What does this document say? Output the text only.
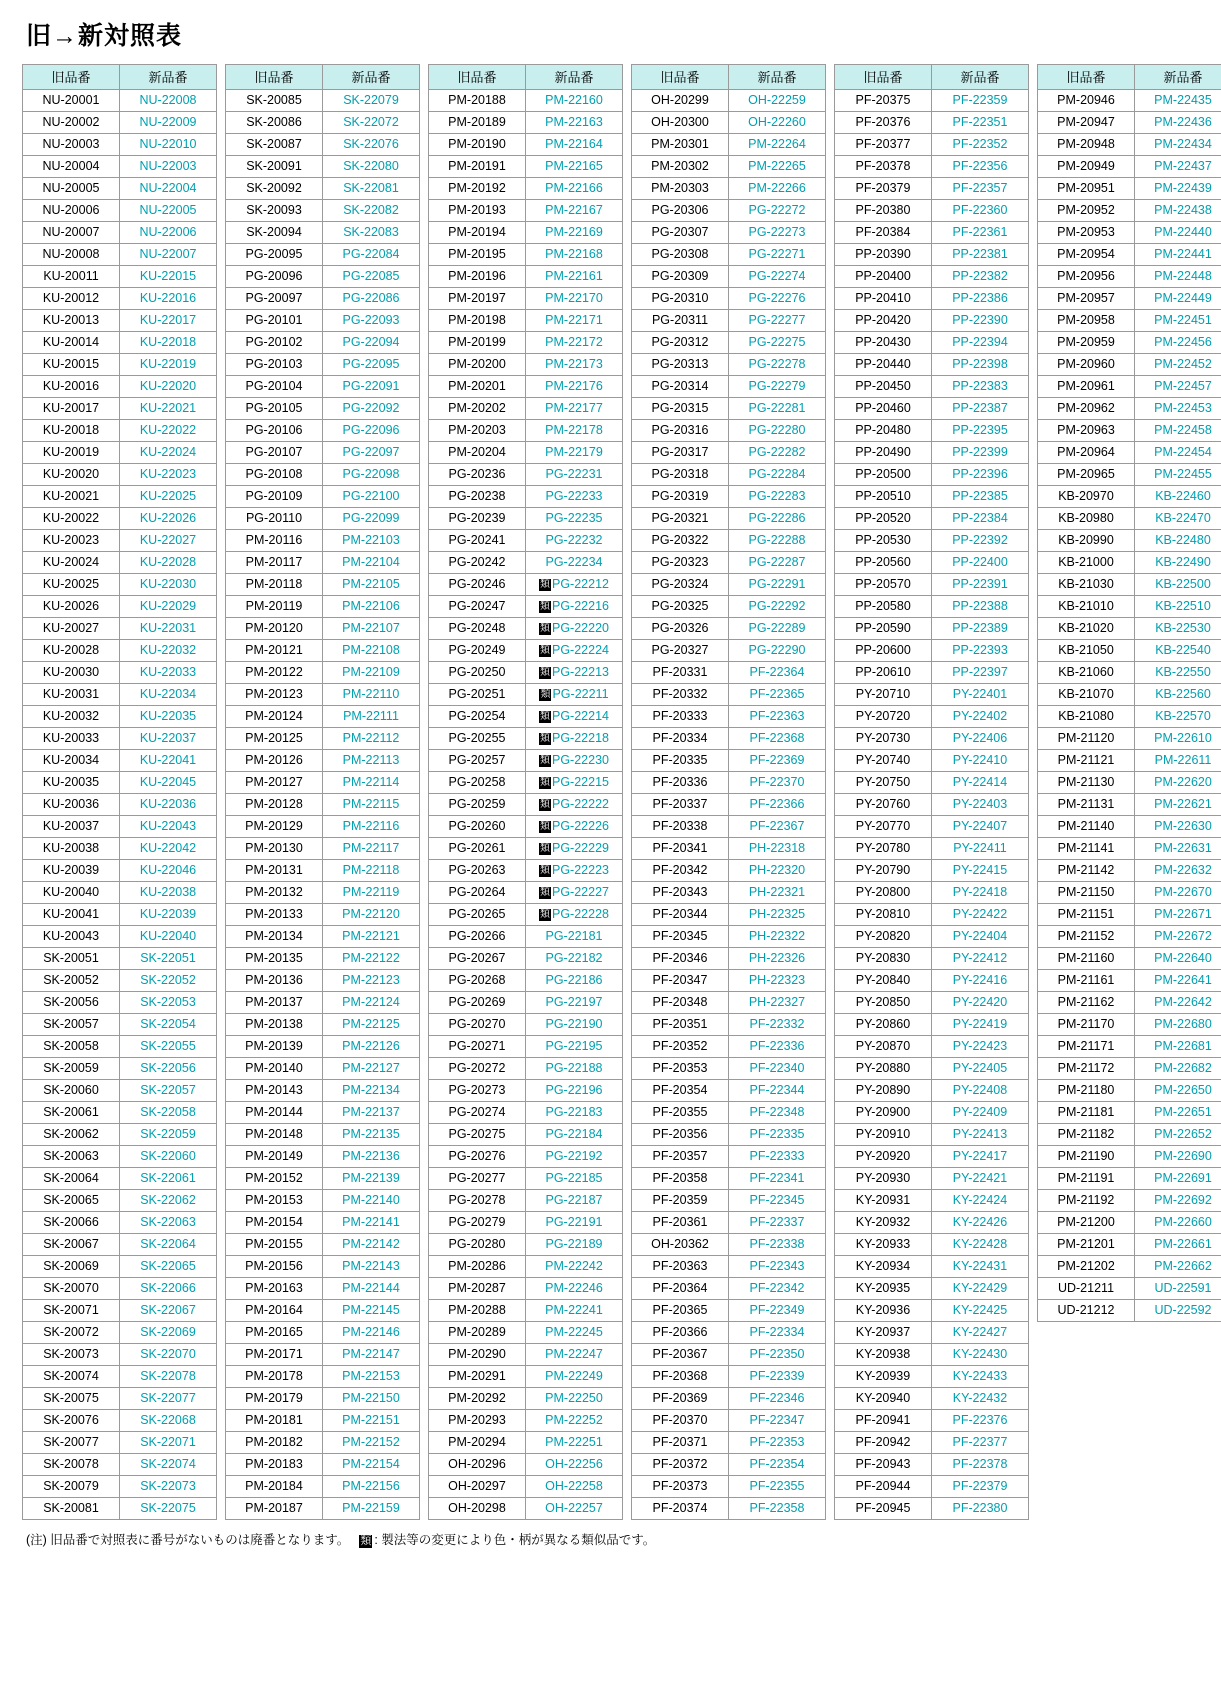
旧→新対照表
旧品番	新品番
NU-20001	NU-22008
NU-20002	NU-22009
NU-20003	NU-22010
NU-20004	NU-22003
NU-20005	NU-22004
NU-20006	NU-22005
NU-20007	NU-22006
NU-20008	NU-22007
KU-20011	KU-22015
KU-20012	KU-22016
KU-20013	KU-22017
KU-20014	KU-22018
KU-20015	KU-22019
KU-20016	KU-22020
KU-20017	KU-22021
KU-20018	KU-22022
KU-20019	KU-22024
KU-20020	KU-22023
KU-20021	KU-22025
KU-20022	KU-22026
KU-20023	KU-22027
KU-20024	KU-22028
KU-20025	KU-22030
KU-20026	KU-22029
KU-20027	KU-22031
KU-20028	KU-22032
KU-20030	KU-22033
KU-20031	KU-22034
KU-20032	KU-22035
KU-20033	KU-22037
KU-20034	KU-22041
KU-20035	KU-22045
KU-20036	KU-22036
KU-20037	KU-22043
KU-20038	KU-22042
KU-20039	KU-22046
KU-20040	KU-22038
KU-20041	KU-22039
KU-20043	KU-22040
SK-20051	SK-22051
SK-20052	SK-22052
SK-20056	SK-22053
SK-20057	SK-22054
SK-20058	SK-22055
SK-20059	SK-22056
SK-20060	SK-22057
SK-20061	SK-22058
SK-20062	SK-22059
SK-20063	SK-22060
SK-20064	SK-22061
SK-20065	SK-22062
SK-20066	SK-22063
SK-20067	SK-22064
SK-20069	SK-22065
SK-20070	SK-22066
SK-20071	SK-22067
SK-20072	SK-22069
SK-20073	SK-22070
SK-20074	SK-22078
SK-20075	SK-22077
SK-20076	SK-22068
SK-20077	SK-22071
SK-20078	SK-22074
SK-20079	SK-22073
SK-20081	SK-22075
旧品番	新品番
SK-20085	SK-22079
SK-20086	SK-22072
SK-20087	SK-22076
SK-20091	SK-22080
SK-20092	SK-22081
SK-20093	SK-22082
SK-20094	SK-22083
PG-20095	PG-22084
PG-20096	PG-22085
PG-20097	PG-22086
PG-20101	PG-22093
PG-20102	PG-22094
PG-20103	PG-22095
PG-20104	PG-22091
PG-20105	PG-22092
PG-20106	PG-22096
PG-20107	PG-22097
PG-20108	PG-22098
PG-20109	PG-22100
PG-20110	PG-22099
PM-20116	PM-22103
PM-20117	PM-22104
PM-20118	PM-22105
PM-20119	PM-22106
PM-20120	PM-22107
PM-20121	PM-22108
PM-20122	PM-22109
PM-20123	PM-22110
PM-20124	PM-22111
PM-20125	PM-22112
PM-20126	PM-22113
PM-20127	PM-22114
PM-20128	PM-22115
PM-20129	PM-22116
PM-20130	PM-22117
PM-20131	PM-22118
PM-20132	PM-22119
PM-20133	PM-22120
PM-20134	PM-22121
PM-20135	PM-22122
PM-20136	PM-22123
PM-20137	PM-22124
PM-20138	PM-22125
PM-20139	PM-22126
PM-20140	PM-22127
PM-20143	PM-22134
PM-20144	PM-22137
PM-20148	PM-22135
PM-20149	PM-22136
PM-20152	PM-22139
PM-20153	PM-22140
PM-20154	PM-22141
PM-20155	PM-22142
PM-20156	PM-22143
PM-20163	PM-22144
PM-20164	PM-22145
PM-20165	PM-22146
PM-20171	PM-22147
PM-20178	PM-22153
PM-20179	PM-22150
PM-20181	PM-22151
PM-20182	PM-22152
PM-20183	PM-22154
PM-20184	PM-22156
PM-20187	PM-22159
旧品番	新品番
PM-20188	PM-22160
PM-20189	PM-22163
PM-20190	PM-22164
PM-20191	PM-22165
PM-20192	PM-22166
PM-20193	PM-22167
PM-20194	PM-22169
PM-20195	PM-22168
PM-20196	PM-22161
PM-20197	PM-22170
PM-20198	PM-22171
PM-20199	PM-22172
PM-20200	PM-22173
PM-20201	PM-22176
PM-20202	PM-22177
PM-20203	PM-22178
PM-20204	PM-22179
PG-20236	PG-22231
PG-20238	PG-22233
PG-20239	PG-22235
PG-20241	PG-22232
PG-20242	PG-22234
PG-20246	類 PG-22212
PG-20247	類 PG-22216
PG-20248	類 PG-22220
PG-20249	類 PG-22224
PG-20250	類 PG-22213
PG-20251	類 PG-22211
PG-20254	類 PG-22214
PG-20255	類 PG-22218
PG-20257	類 PG-22230
PG-20258	類 PG-22215
PG-20259	類 PG-22222
PG-20260	類 PG-22226
PG-20261	類 PG-22229
PG-20263	類 PG-22223
PG-20264	類 PG-22227
PG-20265	類 PG-22228
PG-20266	PG-22181
PG-20267	PG-22182
PG-20268	PG-22186
PG-20269	PG-22197
PG-20270	PG-22190
PG-20271	PG-22195
PG-20272	PG-22188
PG-20273	PG-22196
PG-20274	PG-22183
PG-20275	PG-22184
PG-20276	PG-22192
PG-20277	PG-22185
PG-20278	PG-22187
PG-20279	PG-22191
PG-20280	PG-22189
PM-20286	PM-22242
PM-20287	PM-22246
PM-20288	PM-22241
PM-20289	PM-22245
PM-20290	PM-22247
PM-20291	PM-22249
PM-20292	PM-22250
PM-20293	PM-22252
PM-20294	PM-22251
OH-20296	OH-22256
OH-20297	OH-22258
OH-20298	OH-22257
旧品番	新品番
OH-20299	OH-22259
OH-20300	OH-22260
PM-20301	PM-22264
PM-20302	PM-22265
PM-20303	PM-22266
PG-20306	PG-22272
PG-20307	PG-22273
PG-20308	PG-22271
PG-20309	PG-22274
PG-20310	PG-22276
PG-20311	PG-22277
PG-20312	PG-22275
PG-20313	PG-22278
PG-20314	PG-22279
PG-20315	PG-22281
PG-20316	PG-22280
PG-20317	PG-22282
PG-20318	PG-22284
PG-20319	PG-22283
PG-20321	PG-22286
PG-20322	PG-22288
PG-20323	PG-22287
PG-20324	PG-22291
PG-20325	PG-22292
PG-20326	PG-22289
PG-20327	PG-22290
PF-20331	PF-22364
PF-20332	PF-22365
PF-20333	PF-22363
PF-20334	PF-22368
PF-20335	PF-22369
PF-20336	PF-22370
PF-20337	PF-22366
PF-20338	PF-22367
PF-20341	PH-22318
PF-20342	PH-22320
PF-20343	PH-22321
PF-20344	PH-22325
PF-20345	PH-22322
PF-20346	PH-22326
PF-20347	PH-22323
PF-20348	PH-22327
PF-20351	PF-22332
PF-20352	PF-22336
PF-20353	PF-22340
PF-20354	PF-22344
PF-20355	PF-22348
PF-20356	PF-22335
PF-20357	PF-22333
PF-20358	PF-22341
PF-20359	PF-22345
PF-20361	PF-22337
OH-20362	PF-22338
PF-20363	PF-22343
PF-20364	PF-22342
PF-20365	PF-22349
PF-20366	PF-22334
PF-20367	PF-22350
PF-20368	PF-22339
PF-20369	PF-22346
PF-20370	PF-22347
PF-20371	PF-22353
PF-20372	PF-22354
PF-20373	PF-22355
PF-20374	PF-22358
旧品番	新品番
PF-20375	PF-22359
PF-20376	PF-22351
PF-20377	PF-22352
PF-20378	PF-22356
PF-20379	PF-22357
PF-20380	PF-22360
PF-20384	PF-22361
PP-20390	PP-22381
PP-20400	PP-22382
PP-20410	PP-22386
PP-20420	PP-22390
PP-20430	PP-22394
PP-20440	PP-22398
PP-20450	PP-22383
PP-20460	PP-22387
PP-20480	PP-22395
PP-20490	PP-22399
PP-20500	PP-22396
PP-20510	PP-22385
PP-20520	PP-22384
PP-20530	PP-22392
PP-20560	PP-22400
PP-20570	PP-22391
PP-20580	PP-22388
PP-20590	PP-22389
PP-20600	PP-22393
PP-20610	PP-22397
PY-20710	PY-22401
PY-20720	PY-22402
PY-20730	PY-22406
PY-20740	PY-22410
PY-20750	PY-22414
PY-20760	PY-22403
PY-20770	PY-22407
PY-20780	PY-22411
PY-20790	PY-22415
PY-20800	PY-22418
PY-20810	PY-22422
PY-20820	PY-22404
PY-20830	PY-22412
PY-20840	PY-22416
PY-20850	PY-22420
PY-20860	PY-22419
PY-20870	PY-22423
PY-20880	PY-22405
PY-20890	PY-22408
PY-20900	PY-22409
PY-20910	PY-22413
PY-20920	PY-22417
PY-20930	PY-22421
KY-20931	KY-22424
KY-20932	KY-22426
KY-20933	KY-22428
KY-20934	KY-22431
KY-20935	KY-22429
KY-20936	KY-22425
KY-20937	KY-22427
KY-20938	KY-22430
KY-20939	KY-22433
KY-20940	KY-22432
PF-20941	PF-22376
PF-20942	PF-22377
PF-20943	PF-22378
PF-20944	PF-22379
PF-20945	PF-22380
旧品番	新品番
PM-20946	PM-22435
PM-20947	PM-22436
PM-20948	PM-22434
PM-20949	PM-22437
PM-20951	PM-22439
PM-20952	PM-22438
PM-20953	PM-22440
PM-20954	PM-22441
PM-20956	PM-22448
PM-20957	PM-22449
PM-20958	PM-22451
PM-20959	PM-22456
PM-20960	PM-22452
PM-20961	PM-22457
PM-20962	PM-22453
PM-20963	PM-22458
PM-20964	PM-22454
PM-20965	PM-22455
KB-20970	KB-22460
KB-20980	KB-22470
KB-20990	KB-22480
KB-21000	KB-22490
KB-21030	KB-22500
KB-21010	KB-22510
KB-21020	KB-22530
KB-21050	KB-22540
KB-21060	KB-22550
KB-21070	KB-22560
KB-21080	KB-22570
PM-21120	PM-22610
PM-21121	PM-22611
PM-21130	PM-22620
PM-21131	PM-22621
PM-21140	PM-22630
PM-21141	PM-22631
PM-21142	PM-22632
PM-21150	PM-22670
PM-21151	PM-22671
PM-21152	PM-22672
PM-21160	PM-22640
PM-21161	PM-22641
PM-21162	PM-22642
PM-21170	PM-22680
PM-21171	PM-22681
PM-21172	PM-22682
PM-21180	PM-22650
PM-21181	PM-22651
PM-21182	PM-22652
PM-21190	PM-22690
PM-21191	PM-22691
PM-21192	PM-22692
PM-21200	PM-22660
PM-21201	PM-22661
PM-21202	PM-22662
UD-21211	UD-22591
UD-21212	UD-22592
(注) 旧品番で対照表に番号がないものは廃番となります。 類 : 製法等の変更により色・柄が異なる類似品です。
